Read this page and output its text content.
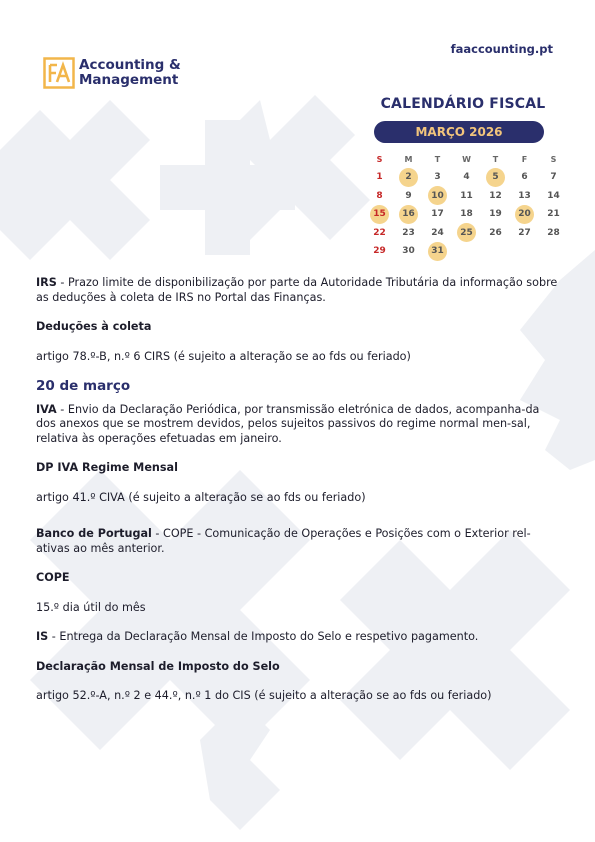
faaccounting.pt
Accounting &
Management
CALENDÁRIO FISCAL
MARÇO 2026
S	M	T	W	T	F	S
1	2	3	4	5	6	7
8	9	10	11 12 13 14
15	16	17 18 19	20	21
22 23 24	25	26 27 28
29 30	31

IRS - Prazo limite de disponibilização por parte da Autoridade Tributária da informação sobre as deduções à coleta de IRS no Portal das Finanças.

Deduções à coleta

artigo 78.º-B, n.º 6 CIRS (é sujeito a alteração se ao fds ou feriado)

20 de março

IVA - Envio da Declaração Periódica, por transmissão eletrónica de dados, acompanha-da dos anexos que se mostrem devidos, pelos sujeitos passivos do regime normal men-sal, relativa às operações efetuadas em janeiro.

DP IVA Regime Mensal

artigo 41.º CIVA (é sujeito a alteração se ao fds ou feriado)

Banco de Portugal - COPE - Comunicação de Operações e Posições com o Exterior rel-ativas ao mês anterior.

COPE

15.º dia útil do mês

IS - Entrega da Declaração Mensal de Imposto do Selo e respetivo pagamento.

Declaração Mensal de Imposto do Selo

artigo 52.º-A, n.º 2 e 44.º, n.º 1 do CIS (é sujeito a alteração se ao fds ou feriado)
